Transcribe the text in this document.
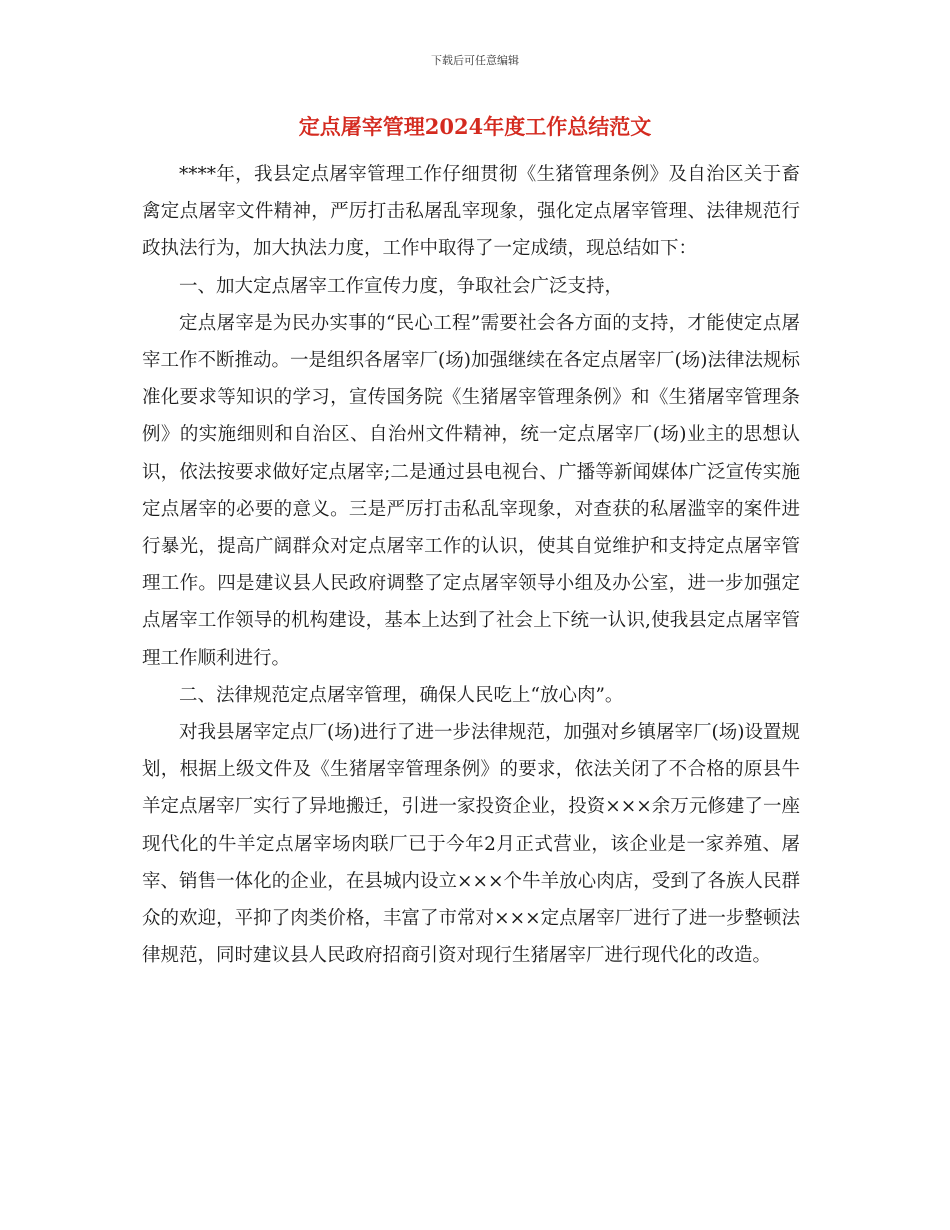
下载后可任意编辑
定点屠宰管理2024年度工作总结范文

****年，我县定点屠宰管理工作仔细贯彻《生猪管理条例》及自治区关于畜禽定点屠宰文件精神，严厉打击私屠乱宰现象，强化定点屠宰管理、法律规范行政执法行为，加大执法力度，工作中取得了一定成绩，现总结如下：

一、加大定点屠宰工作宣传力度，争取社会广泛支持，

定点屠宰是为民办实事的“民心工程”需要社会各方面的支持，才能使定点屠宰工作不断推动。一是组织各屠宰厂(场)加强继续在各定点屠宰厂(场)法律法规标准化要求等知识的学习，宣传国务院《生猪屠宰管理条例》和《生猪屠宰管理条例》的实施细则和自治区、自治州文件精神，统一定点屠宰厂(场)业主的思想认识，依法按要求做好定点屠宰;二是通过县电视台、广播等新闻媒体广泛宣传实施定点屠宰的必要的意义。三是严厉打击私乱宰现象，对查获的私屠滥宰的案件进行暴光，提高广阔群众对定点屠宰工作的认识，使其自觉维护和支持定点屠宰管理工作。四是建议县人民政府调整了定点屠宰领导小组及办公室，进一步加强定点屠宰工作领导的机构建设，基本上达到了社会上下统一认识,使我县定点屠宰管理工作顺利进行。

二、法律规范定点屠宰管理，确保人民吃上“放心肉”。

对我县屠宰定点厂(场)进行了进一步法律规范，加强对乡镇屠宰厂(场)设置规划，根据上级文件及《生猪屠宰管理条例》的要求，依法关闭了不合格的原县牛羊定点屠宰厂实行了异地搬迁，引进一家投资企业，投资×××余万元修建了一座现代化的牛羊定点屠宰场肉联厂已于今年2月正式营业，该企业是一家养殖、屠宰、销售一体化的企业，在县城内设立×××个牛羊放心肉店，受到了各族人民群众的欢迎，平抑了肉类价格，丰富了市常对×××定点屠宰厂进行了进一步整顿法律规范，同时建议县人民政府招商引资对现行生猪屠宰厂进行现代化的改造。
